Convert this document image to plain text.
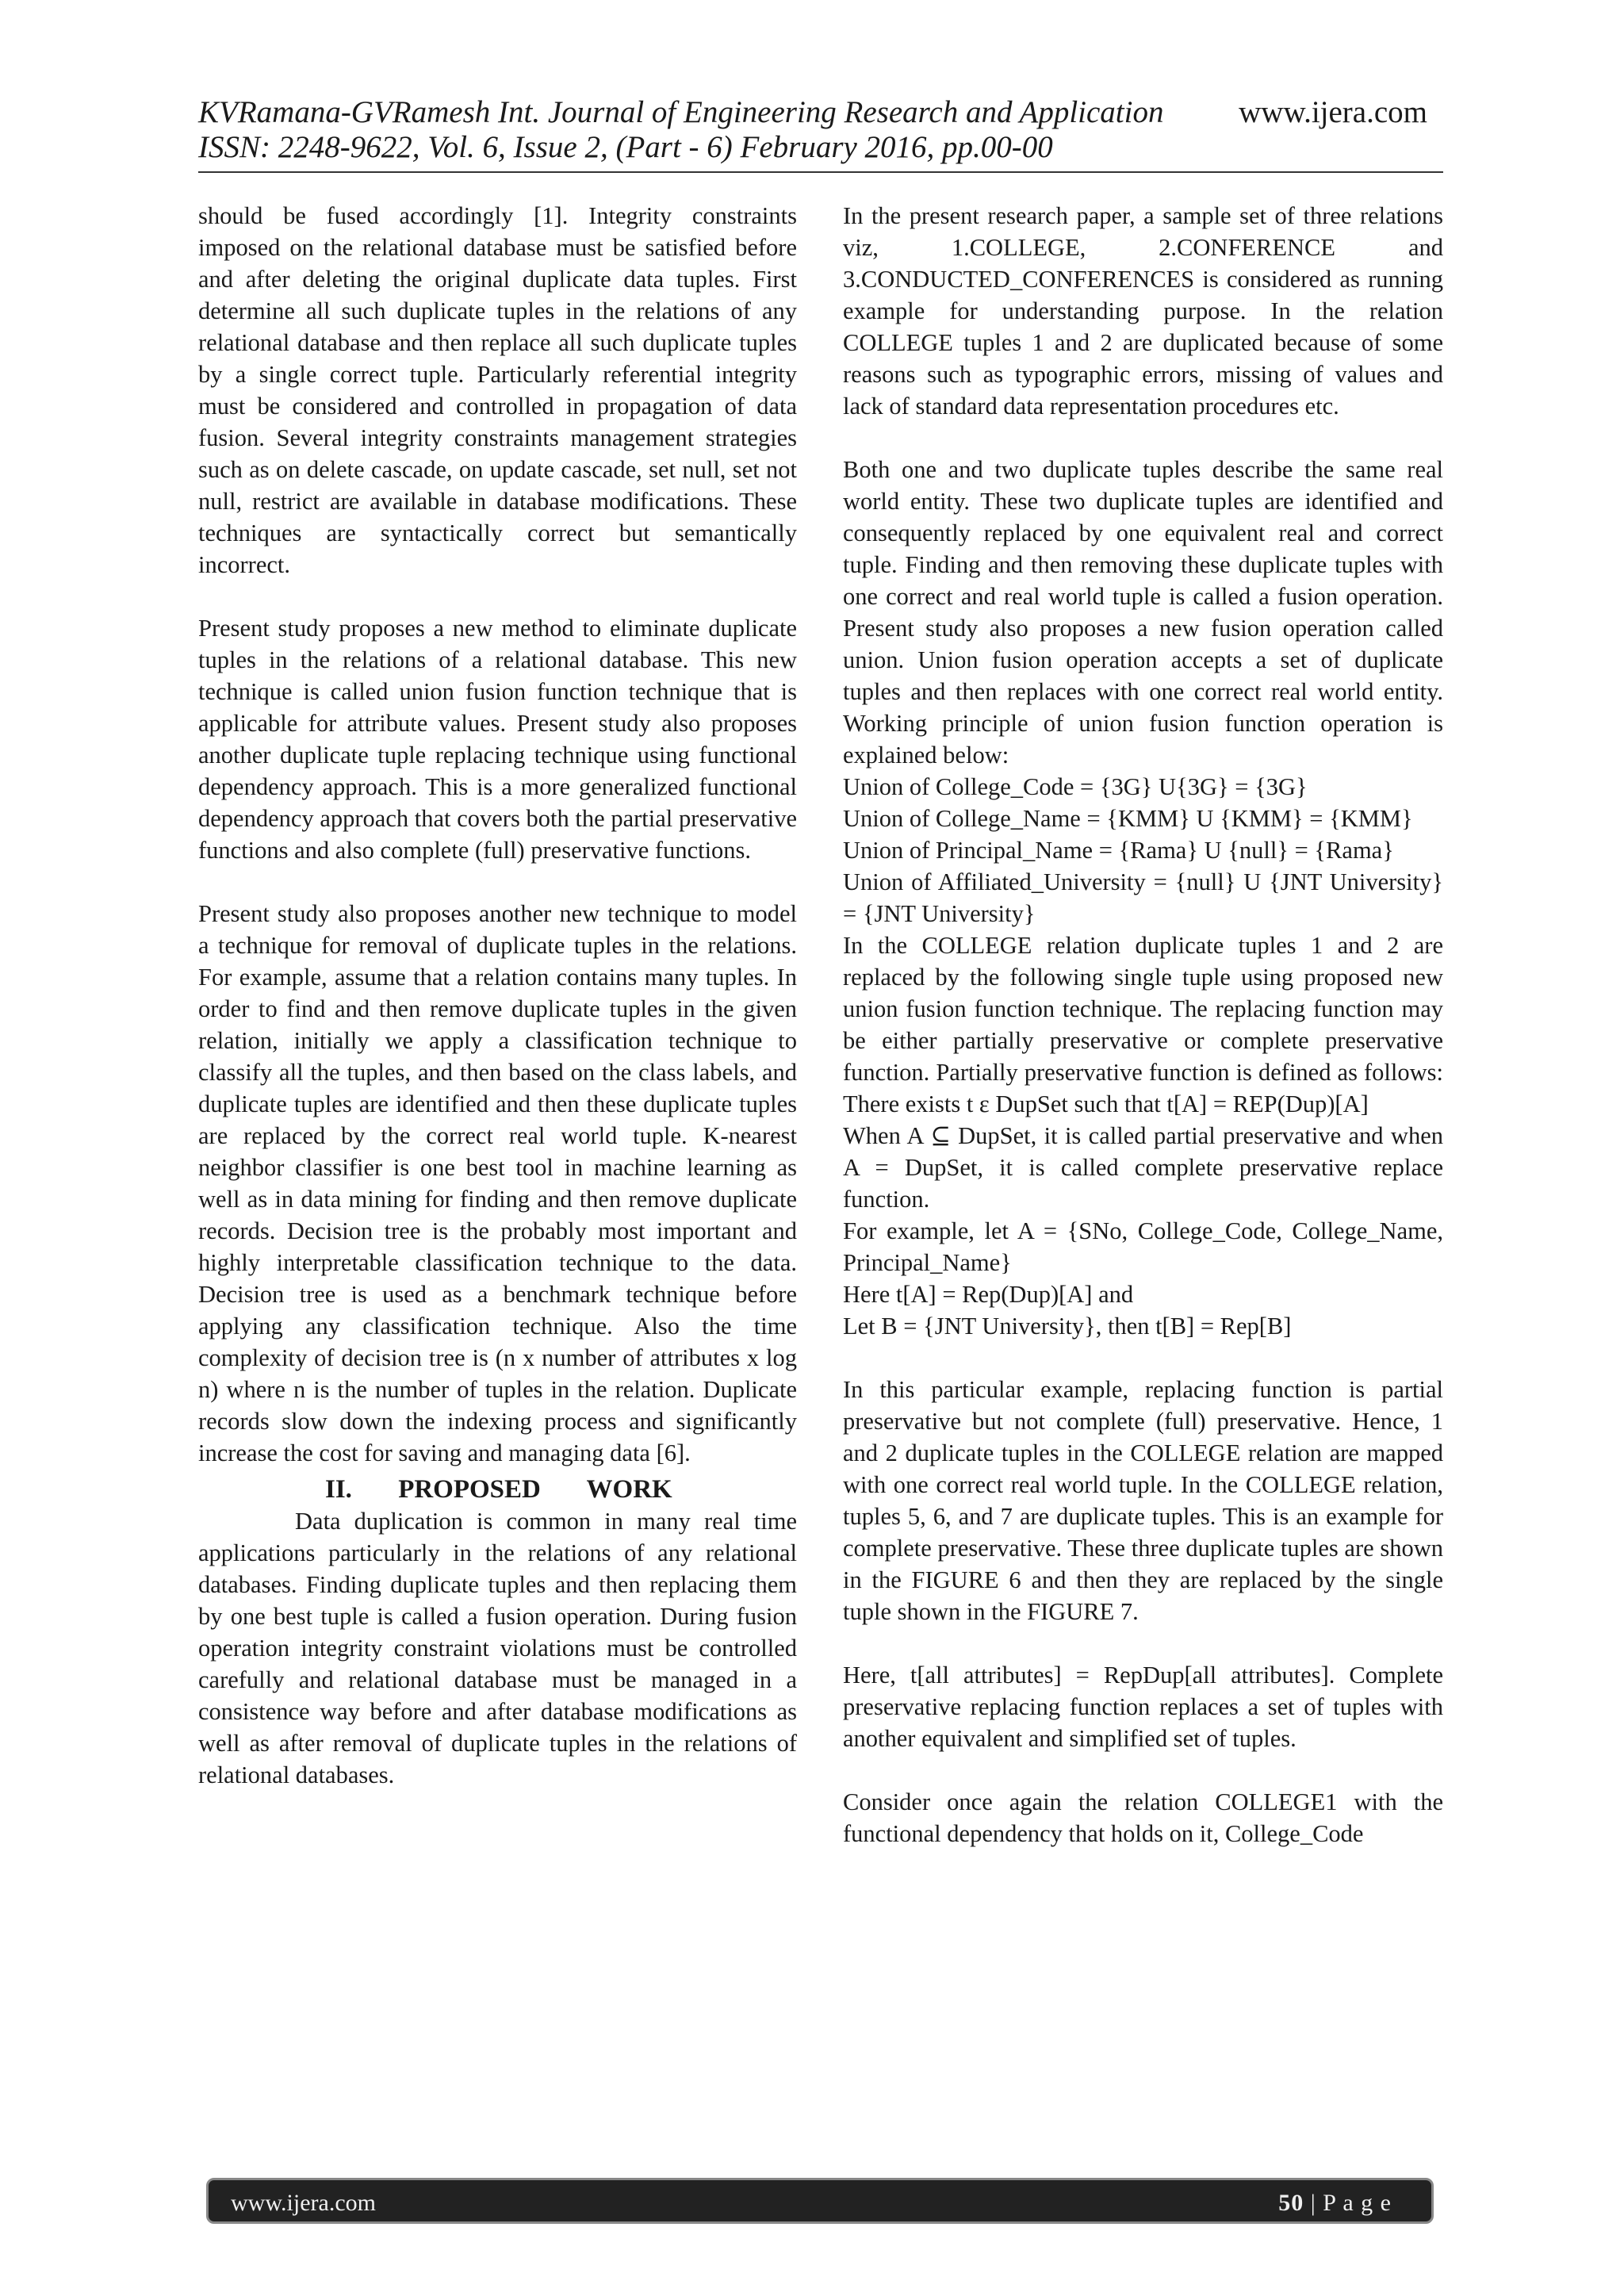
KVRamana-GVRamesh Int. Journal of Engineering Research and Application
ISSN: 2248-9622, Vol. 6, Issue 2, (Part - 6) February 2016, pp.00-00
www.ijera.com

should be fused accordingly [1]. Integrity constraints imposed on the relational database must be satisfied before and after deleting the original duplicate data tuples. First determine all such duplicate tuples in the relations of any relational database and then replace all such duplicate tuples by a single correct tuple. Particularly referential integrity must be considered and controlled in propagation of data fusion. Several integrity constraints management strategies such as on delete cascade, on update cascade, set null, set not null, restrict are available in database modifications. These techniques are syntactically correct but semantically incorrect.

Present study proposes a new method to eliminate duplicate tuples in the relations of a relational database. This new technique is called union fusion function technique that is applicable for attribute values. Present study also proposes another duplicate tuple replacing technique using functional dependency approach. This is a more generalized functional dependency approach that covers both the partial preservative functions and also complete (full) preservative functions.

Present study also proposes another new technique to model a technique for removal of duplicate tuples in the relations. For example, assume that a relation contains many tuples. In order to find and then remove duplicate tuples in the given relation, initially we apply a classification technique to classify all the tuples, and then based on the class labels, and duplicate tuples are identified and then these duplicate tuples are replaced by the correct real world tuple. K-nearest neighbor classifier is one best tool in machine learning as well as in data mining for finding and then remove duplicate records. Decision tree is the probably most important and highly interpretable classification technique to the data. Decision tree is used as a benchmark technique before applying any classification technique. Also the time complexity of decision tree is (n x number of attributes x log n) where n is the number of tuples in the relation. Duplicate records slow down the indexing process and significantly increase the cost for saving and managing data [6].

II. PROPOSED WORK

Data duplication is common in many real time applications particularly in the relations of any relational databases. Finding duplicate tuples and then replacing them by one best tuple is called a fusion operation. During fusion operation integrity constraint violations must be controlled carefully and relational database must be managed in a consistence way before and after database modifications as well as after removal of duplicate tuples in the relations of relational databases.

In the present research paper, a sample set of three relations viz, 1.COLLEGE, 2.CONFERENCE and 3.CONDUCTED_CONFERENCES is considered as running example for understanding purpose. In the relation COLLEGE tuples 1 and 2 are duplicated because of some reasons such as typographic errors, missing of values and lack of standard data representation procedures etc.

Both one and two duplicate tuples describe the same real world entity. These two duplicate tuples are identified and consequently replaced by one equivalent real and correct tuple. Finding and then removing these duplicate tuples with one correct and real world tuple is called a fusion operation. Present study also proposes a new fusion operation called union. Union fusion operation accepts a set of duplicate tuples and then replaces with one correct real world entity. Working principle of union fusion function operation is explained below:

Union of College_Code = {3G} U{3G} = {3G}

Union of College_Name = {KMM} U {KMM} = {KMM}

Union of Principal_Name = {Rama} U {null} = {Rama}

Union of Affiliated_University = {null} U {JNT University} = {JNT University}

In the COLLEGE relation duplicate tuples 1 and 2 are replaced by the following single tuple using proposed new union fusion function technique. The replacing function may be either partially preservative or complete preservative function. Partially preservative function is defined as follows: There exists t ε DupSet such that t[A] = REP(Dup)[A]

When A ⊆ DupSet, it is called partial preservative and when A = DupSet, it is called complete preservative replace function.

For example, let A = {SNo, College_Code, College_Name, Principal_Name}

Here t[A] = Rep(Dup)[A] and

Let B = {JNT University}, then t[B] = Rep[B]

In this particular example, replacing function is partial preservative but not complete (full) preservative. Hence, 1 and 2 duplicate tuples in the COLLEGE relation are mapped with one correct real world tuple. In the COLLEGE relation, tuples 5, 6, and 7 are duplicate tuples. This is an example for complete preservative. These three duplicate tuples are shown in the FIGURE 6 and then they are replaced by the single tuple shown in the FIGURE 7.

Here, t[all attributes] = RepDup[all attributes]. Complete preservative replacing function replaces a set of tuples with another equivalent and simplified set of tuples.

Consider once again the relation COLLEGE1 with the functional dependency that holds on it, College_Code

www.ijera.com	50 | P a g e
